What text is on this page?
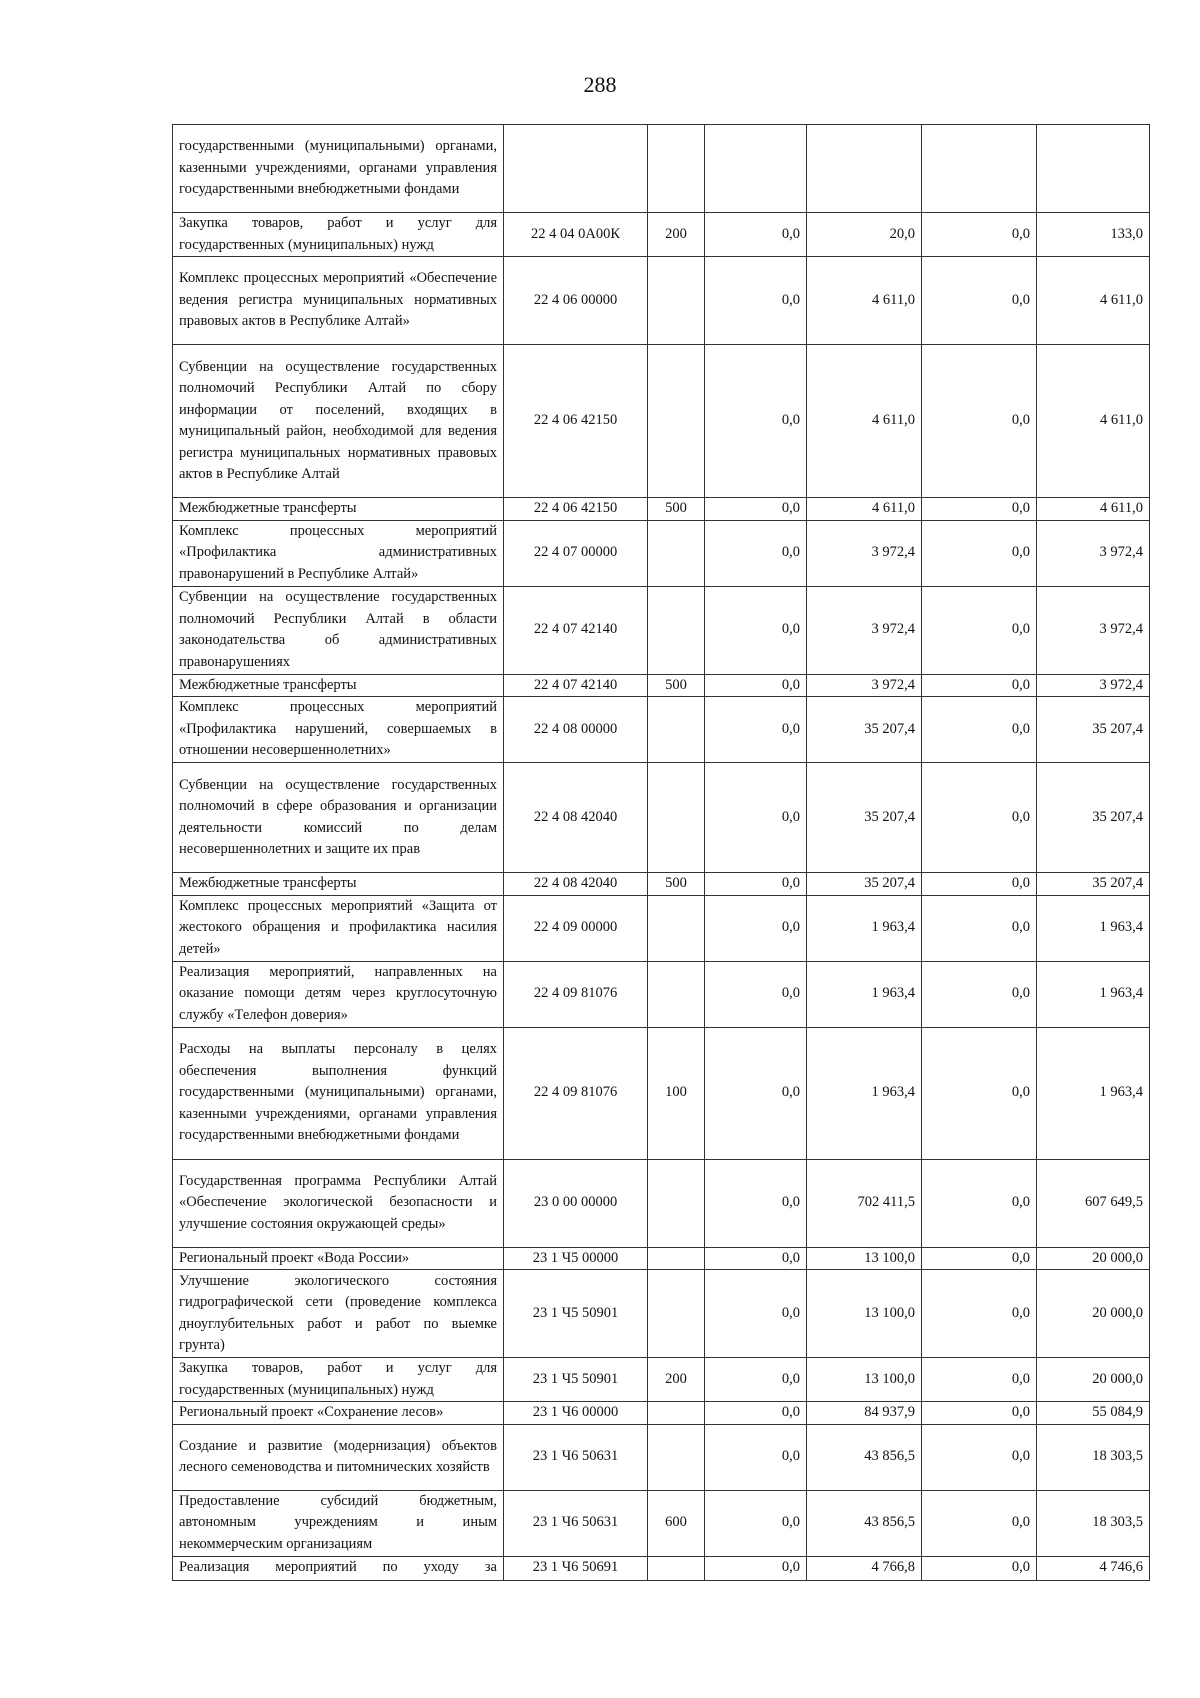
288
государственными (муниципальными) органами, казенными учреждениями, органами управления государственными внебюджетными фондами						
Закупка товаров, работ и услуг для государственных (муниципальных) нужд	22 4 04 0А00К	200	0,0	20,0	0,0	133,0
Комплекс процессных мероприятий «Обеспечение ведения регистра муниципальных нормативных правовых актов в Республике Алтай»	22 4 06 00000		0,0	4 611,0	0,0	4 611,0
Субвенции на осуществление государственных полномочий Республики Алтай по сбору информации от поселений, входящих в муниципальный район, необходимой для ведения регистра муниципальных нормативных правовых актов в Республике Алтай	22 4 06 42150		0,0	4 611,0	0,0	4 611,0
Межбюджетные трансферты	22 4 06 42150	500	0,0	4 611,0	0,0	4 611,0
Комплекс процессных мероприятий «Профилактика административных правонарушений в Республике Алтай»	22 4 07 00000		0,0	3 972,4	0,0	3 972,4
Субвенции на осуществление государственных полномочий Республики Алтай в области законодательства об административных правонарушениях	22 4 07 42140		0,0	3 972,4	0,0	3 972,4
Межбюджетные трансферты	22 4 07 42140	500	0,0	3 972,4	0,0	3 972,4
Комплекс процессных мероприятий «Профилактика нарушений, совершаемых в отношении несовершеннолетних»	22 4 08 00000		0,0	35 207,4	0,0	35 207,4
Субвенции на осуществление государственных полномочий в сфере образования и организации деятельности комиссий по делам несовершеннолетних и защите их прав	22 4 08 42040		0,0	35 207,4	0,0	35 207,4
Межбюджетные трансферты	22 4 08 42040	500	0,0	35 207,4	0,0	35 207,4
Комплекс процессных мероприятий «Защита от жестокого обращения и профилактика насилия детей»	22 4 09 00000		0,0	1 963,4	0,0	1 963,4
Реализация мероприятий, направленных на оказание помощи детям через круглосуточную службу «Телефон доверия»	22 4 09 81076		0,0	1 963,4	0,0	1 963,4
Расходы на выплаты персоналу в целях обеспечения выполнения функций государственными (муниципальными) органами, казенными учреждениями, органами управления государственными внебюджетными фондами	22 4 09 81076	100	0,0	1 963,4	0,0	1 963,4
Государственная программа Республики Алтай «Обеспечение экологической безопасности и улучшение состояния окружающей среды»	23 0 00 00000		0,0	702 411,5	0,0	607 649,5
Региональный проект «Вода России»	23 1 Ч5 00000		0,0	13 100,0	0,0	20 000,0
Улучшение экологического состояния гидрографической сети (проведение комплекса дноуглубительных работ и работ по выемке грунта)	23 1 Ч5 50901		0,0	13 100,0	0,0	20 000,0
Закупка товаров, работ и услуг для государственных (муниципальных) нужд	23 1 Ч5 50901	200	0,0	13 100,0	0,0	20 000,0
Региональный проект «Сохранение лесов»	23 1 Ч6 00000		0,0	84 937,9	0,0	55 084,9
Создание и развитие (модернизация) объектов лесного семеноводства и питомнических хозяйств	23 1 Ч6 50631		0,0	43 856,5	0,0	18 303,5
Предоставление субсидий бюджетным, автономным учреждениям и иным некоммерческим организациям	23 1 Ч6 50631	600	0,0	43 856,5	0,0	18 303,5
Реализация мероприятий по уходу за	23 1 Ч6 50691		0,0	4 766,8	0,0	4 746,6
